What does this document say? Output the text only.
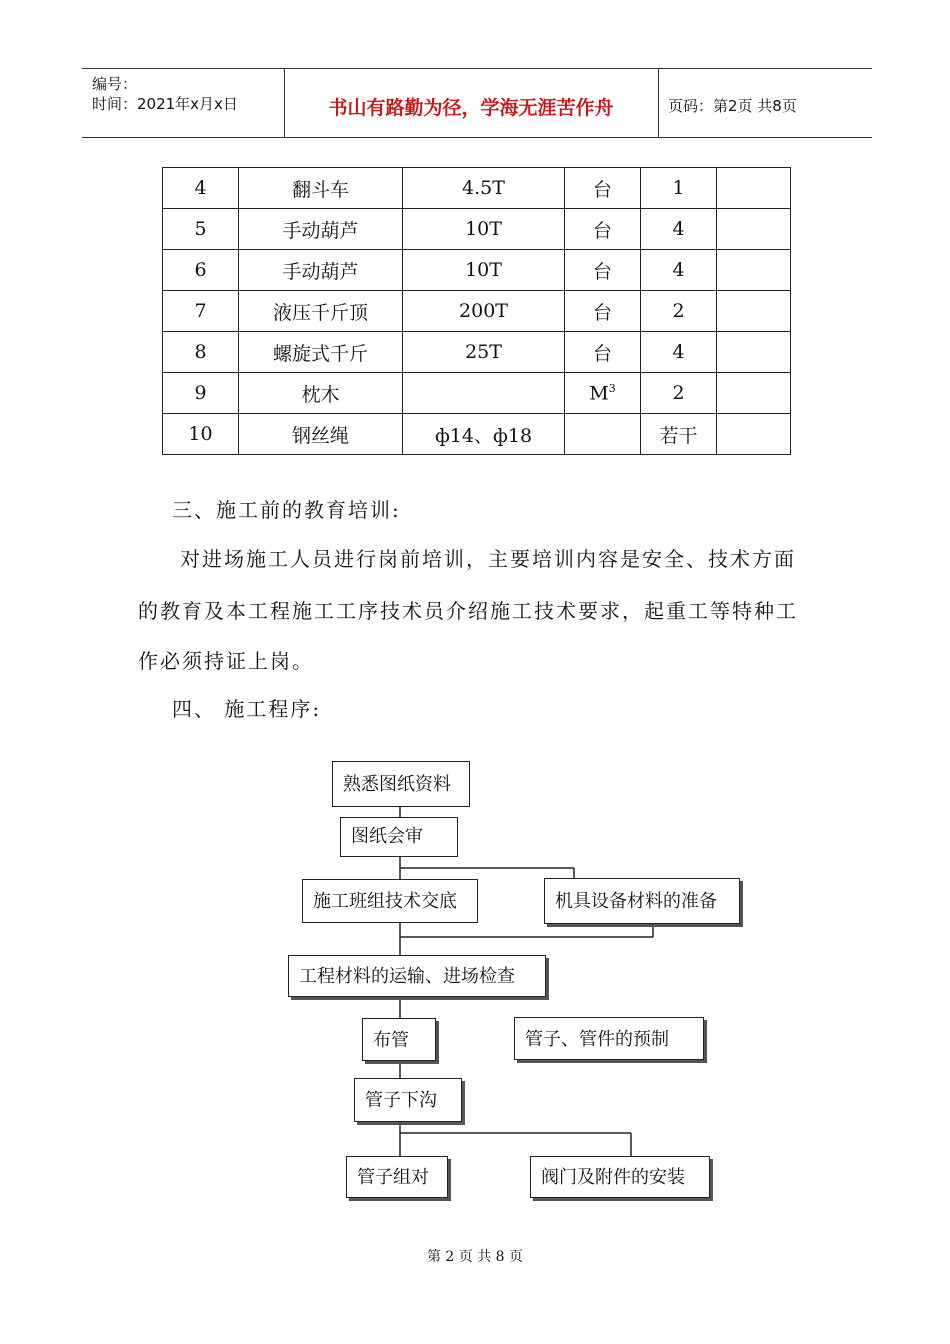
编号：
时间：2021年x月x日	书山有路勤为径，学海无涯苦作舟	页码：第2页 共8页
4	翻斗车	4.5T	台	1	
5	手动葫芦	10T	台	4	
6	手动葫芦	10T	台	4	
7	液压千斤顶	200T	台	2	
8	螺旋式千斤	25T	台	4	
9	枕木		$M^3$	2	
10	钢丝绳	ф14、ф18		若干	
三、施工前的教育培训:
对进场施工人员进行岗前培训，主要培训内容是安全、技术方面
的教育及本工程施工工序技术员介绍施工技术要求，起重工等特种工
作必须持证上岗。
四、 施工程序:
熟悉图纸资料
图纸会审
施工班组技术交底	机具设备材料的准备
工程材料的运输、进场检查
布管	管子、管件的预制
管子下沟
管子组对	阀门及附件的安装
第 2 页 共 8 页
